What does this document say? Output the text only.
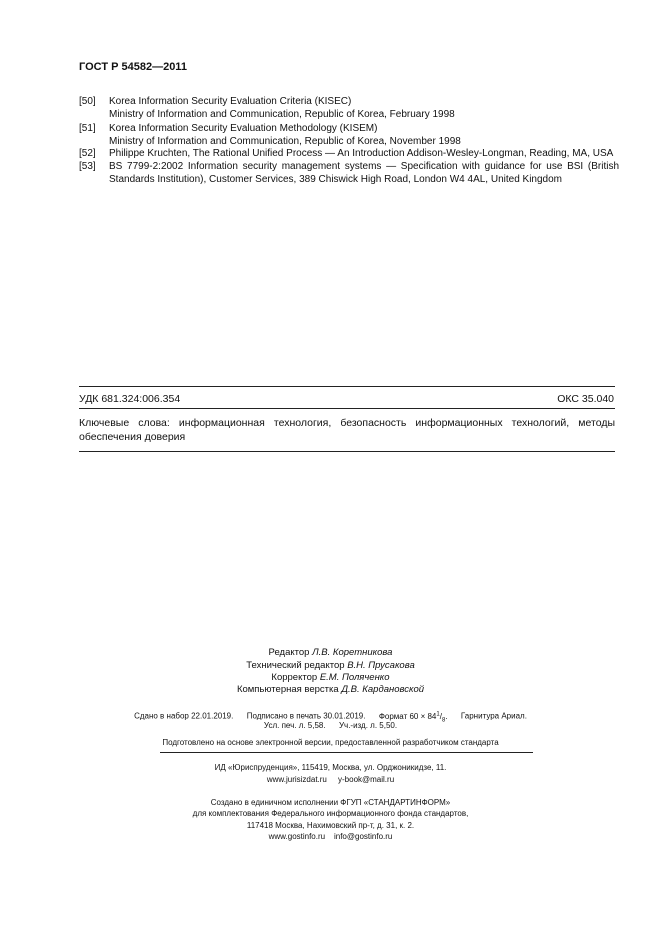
ГОСТ Р 54582—2011
[50] Korea Information Security Evaluation Criteria (KISEC)
Ministry of Information and Communication, Republic of Korea, February 1998
[51] Korea Information Security Evaluation Methodology (KISEM)
Ministry of Information and Communication, Republic of Korea, November 1998
[52] Philippe Kruchten, The Rational Unified Process — An Introduction Addison-Wesley-Longman, Reading, MA, USA
[53] BS 7799-2:2002 Information security management systems — Specification with guidance for use BSI (British Standards Institution), Customer Services, 389 Chiswick High Road, London W4 4AL, United Kingdom
УДК 681.324:006.354	ОКС 35.040
Ключевые слова: информационная технология, безопасность информационных технологий, методы обеспечения доверия
Редактор Л.В. Коретникова
Технический редактор В.Н. Прусакова
Корректор Е.М. Поляченко
Компьютерная верстка Д.В. Кардановской
Сдано в набор 22.01.2019. Подписано в печать 30.01.2019. Формат $60 \times 84^1/_8$. Гарнитура Ариал.
Усл. печ. л. 5,58. Уч.-изд. л. 5,50.
Подготовлено на основе электронной версии, предоставленной разработчиком стандарта
ИД «Юриспруденция», 115419, Москва, ул. Орджоникидзе, 11.
www.jurisizdat.ru y-book@mail.ru
Создано в единичном исполнении ФГУП «СТАНДАРТИНФОРМ»
для комплектования Федерального информационного фонда стандартов,
117418 Москва, Нахимовский пр-т, д. 31, к. 2.
www.gostinfo.ru info@gostinfo.ru
